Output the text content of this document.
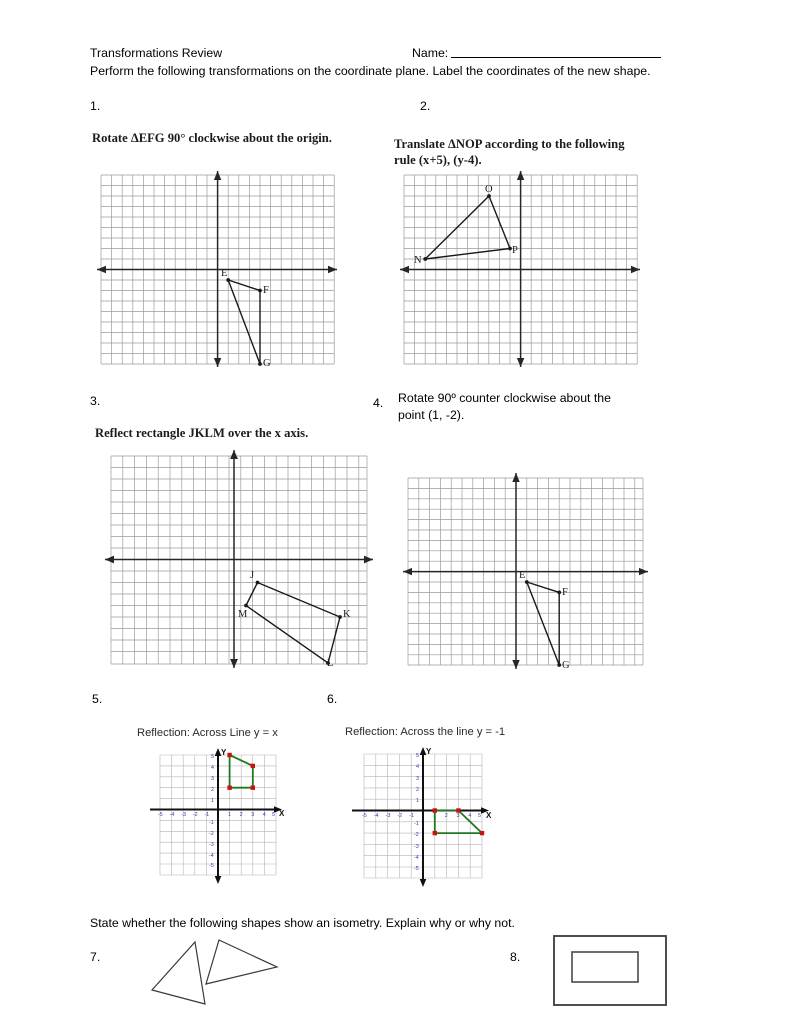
Transformations Review	Name:
Perform the following transformations on the coordinate plane. Label the coordinates of the new shape.
1.
Rotate ΔEFG 90° clockwise about the origin.
E
F
G
2.
Translate ΔNOP according to the following
rule (x+5), (y-4).
N
O
P
3.
Reflect rectangle JKLM over the x axis.
J
K
L
M
4. Rotate 90º counter clockwise about the
point (1, -2).
E
F
G
5.
Reflection: Across Line y = x
Y
X
-5 -4 -3 -2 -1	1 2 3 4 5
5
4
3
2
1
-1
-2
-3
-4
-5
6.
Reflection: Across the line y = -1
Y
X
-5 -4 -3 -2 -1	1 2 3 4 5
5
4
3
2
1
-1
-2
-3
-4
-5
State whether the following shapes show an isometry. Explain why or why not.
7.	8.
